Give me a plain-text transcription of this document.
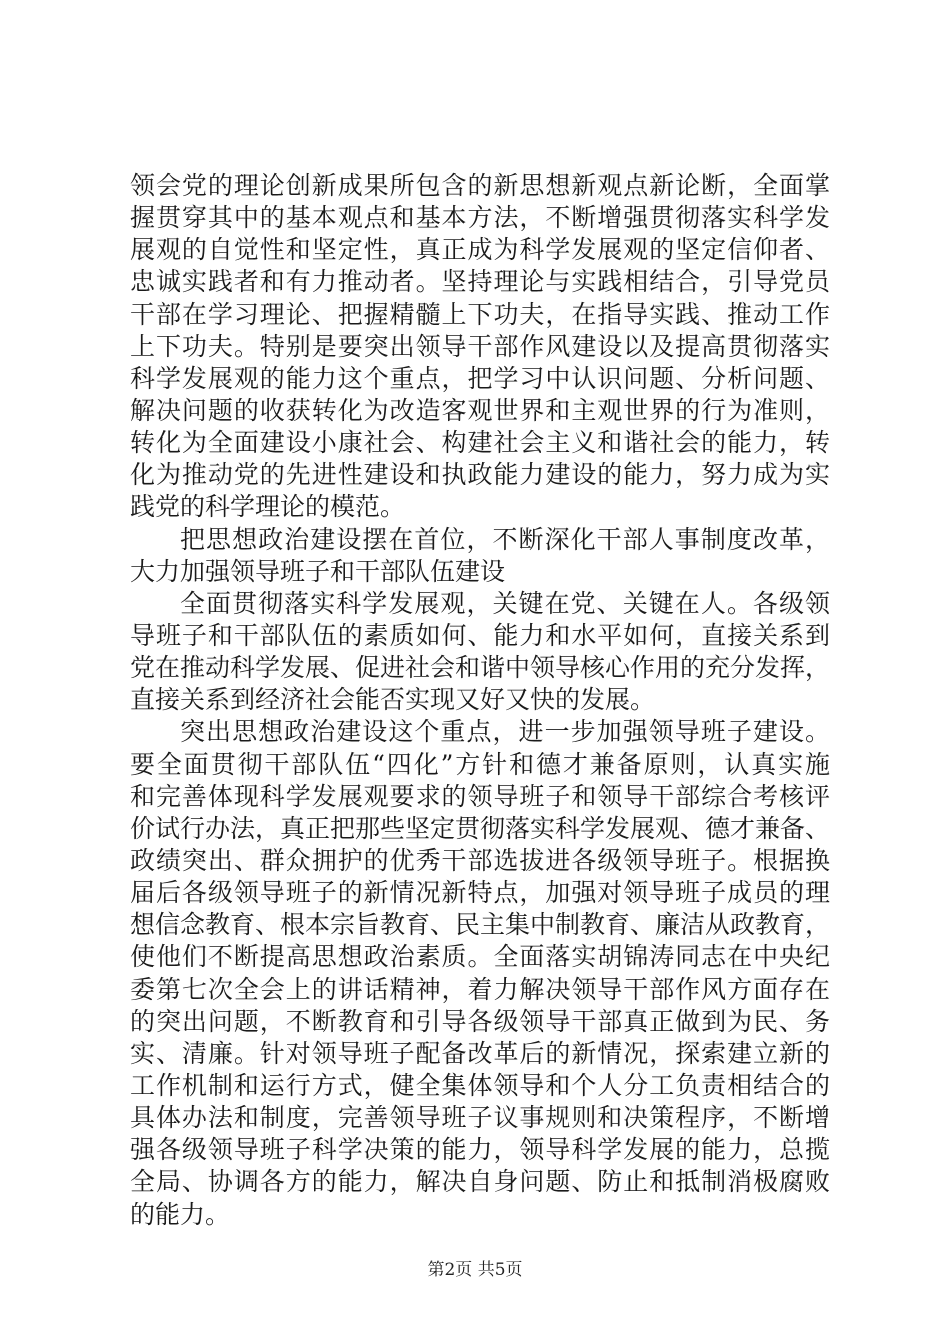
领会党的理论创新成果所包含的新思想新观点新论断，全面掌
握贯穿其中的基本观点和基本方法，不断增强贯彻落实科学发
展观的自觉性和坚定性，真正成为科学发展观的坚定信仰者、
忠诚实践者和有力推动者。坚持理论与实践相结合，引导党员
干部在学习理论、把握精髓上下功夫，在指导实践、推动工作
上下功夫。特别是要突出领导干部作风建设以及提高贯彻落实
科学发展观的能力这个重点，把学习中认识问题、分析问题、
解决问题的收获转化为改造客观世界和主观世界的行为准则，
转化为全面建设小康社会、构建社会主义和谐社会的能力，转
化为推动党的先进性建设和执政能力建设的能力，努力成为实
践党的科学理论的模范。
把思想政治建设摆在首位，不断深化干部人事制度改革，
大力加强领导班子和干部队伍建设
全面贯彻落实科学发展观，关键在党、关键在人。各级领
导班子和干部队伍的素质如何、能力和水平如何，直接关系到
党在推动科学发展、促进社会和谐中领导核心作用的充分发挥，
直接关系到经济社会能否实现又好又快的发展。
突出思想政治建设这个重点，进一步加强领导班子建设。
要全面贯彻干部队伍“四化”方针和德才兼备原则，认真实施
和完善体现科学发展观要求的领导班子和领导干部综合考核评
价试行办法，真正把那些坚定贯彻落实科学发展观、德才兼备、
政绩突出、群众拥护的优秀干部选拔进各级领导班子。根据换
届后各级领导班子的新情况新特点，加强对领导班子成员的理
想信念教育、根本宗旨教育、民主集中制教育、廉洁从政教育，
使他们不断提高思想政治素质。全面落实胡锦涛同志在中央纪
委第七次全会上的讲话精神，着力解决领导干部作风方面存在
的突出问题，不断教育和引导各级领导干部真正做到为民、务
实、清廉。针对领导班子配备改革后的新情况，探索建立新的
工作机制和运行方式，健全集体领导和个人分工负责相结合的
具体办法和制度，完善领导班子议事规则和决策程序，不断增
强各级领导班子科学决策的能力，领导科学发展的能力，总揽
全局、协调各方的能力，解决自身问题、防止和抵制消极腐败
的能力。
第2页 共5页
